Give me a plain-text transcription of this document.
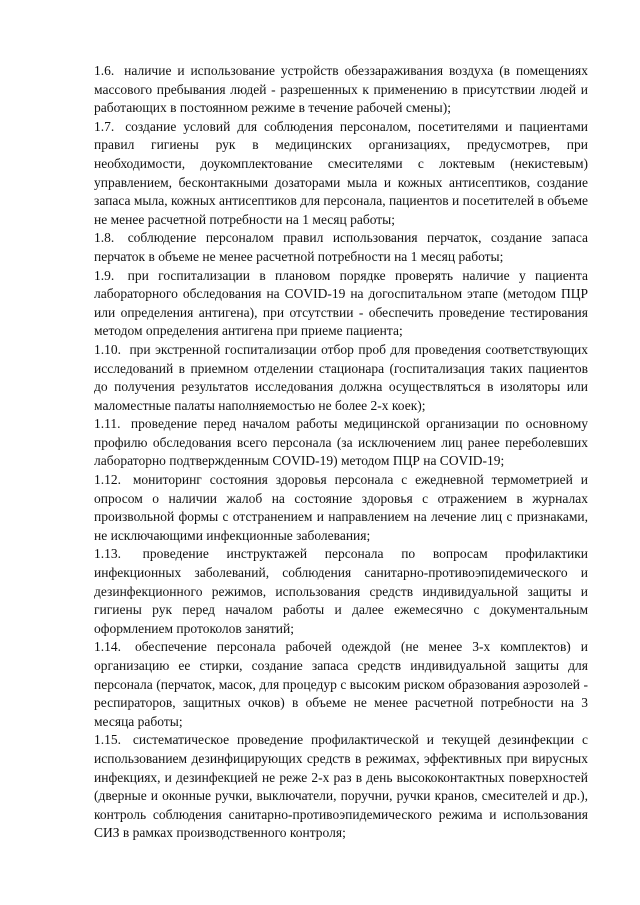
1.6. наличие и использование устройств обеззараживания воздуха (в помещениях массового пребывания людей - разрешенных к применению в присутствии людей и работающих в постоянном режиме в течение рабочей смены);

1.7. создание условий для соблюдения персоналом, посетителями и пациентами правил гигиены рук в медицинских организациях, предусмотрев, при необходимости, доукомплектование смесителями с локтевым (некистевым) управлением, бесконтакными дозаторами мыла и кожных антисептиков, создание запаса мыла, кожных антисептиков для персонала, пациентов и посетителей в объеме не менее расчетной потребности на 1 месяц работы;

1.8. соблюдение персоналом правил использования перчаток, создание запаса перчаток в объеме не менее расчетной потребности на 1 месяц работы;

1.9. при госпитализации в плановом порядке проверять наличие у пациента лабораторного обследования на COVID-19 на догоспитальном этапе (методом ПЦР или определения антигена), при отсутствии - обеспечить проведение тестирования методом определения антигена при приеме пациента;

1.10. при экстренной госпитализации отбор проб для проведения соответствующих исследований в приемном отделении стационара (госпитализация таких пациентов до получения результатов исследования должна осуществляться в изоляторы или маломестные палаты наполняемостью не более 2-х коек);

1.11. проведение перед началом работы медицинской организации по основному профилю обследования всего персонала (за исключением лиц ранее переболевших лабораторно подтвержденным COVID-19) методом ПЦР на COVID-19;

1.12. мониторинг состояния здоровья персонала с ежедневной термометрией и опросом о наличии жалоб на состояние здоровья с отражением в журналах произвольной формы с отстранением и направлением на лечение лиц с признаками, не исключающими инфекционные заболевания;

1.13. проведение инструктажей персонала по вопросам профилактики инфекционных заболеваний, соблюдения санитарно-противоэпидемического и дезинфекционного режимов, использования средств индивидуальной защиты и гигиены рук перед началом работы и далее ежемесячно с документальным оформлением протоколов занятий;

1.14. обеспечение персонала рабочей одеждой (не менее 3-х комплектов) и организацию ее стирки, создание запаса средств индивидуальной защиты для персонала (перчаток, масок, для процедур с высоким риском образования аэрозолей - респираторов, защитных очков) в объеме не менее расчетной потребности на 3 месяца работы;

1.15. систематическое проведение профилактической и текущей дезинфекции с использованием дезинфицирующих средств в режимах, эффективных при вирусных инфекциях, и дезинфекцией не реже 2-х раз в день высококонтактных поверхностей (дверные и оконные ручки, выключатели, поручни, ручки кранов, смесителей и др.), контроль соблюдения санитарно-противоэпидемического режима и использования СИЗ в рамках производственного контроля;
